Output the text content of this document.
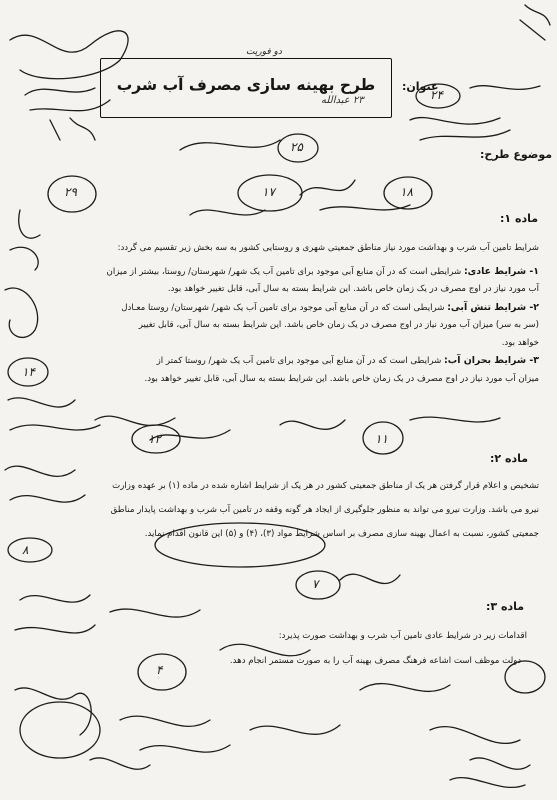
طرح بهینه سازی مصرف آب شرب
دو فوریت
۲۳ عبدالله
عنوان:
موضوع طرح:
ماده ۱:
شرایط تامین آب شرب و بهداشت مورد نیاز مناطق جمعیتی شهری و روستایی کشور به سه بخش زیر تقسیم می گردد:
۱- شرایط عادی: شرایطی است که در آن منابع آبی موجود برای تامین آب یک شهر/ شهرستان/ روستا، بیشتر از میزان
آب مورد نیاز در اوج مصرف در یک زمان خاص باشد. این شرایط بسته به سال آبی، قابل تغییر خواهد بود.
۲- شرایط تنش آبی: شرایطی است که در آن منابع آبی موجود برای تامین آب یک شهر/ شهرستان/ روستا معـادل
(سر به سر) میزان آب مورد نیاز در اوج مصرف در یک زمان خاص باشد. این شرایط بسته به سال آبی، قابل تغییر
خواهد بود.
۳- شرایط بحران آب: شرایطی است که در آن منابع آبی موجود برای تامین آب یک شهر/ روستا کمتر از
میزان آب مورد نیاز در اوج مصرف در یک زمان خاص باشد. این شرایط بسته به سال آبی، قابل تغییر خواهد بود.
ماده ۲:
تشخیص و اعلام قرار گرفتن هر یک از مناطق جمعیتی کشور در هر یک از شرایط اشاره شده در ماده (۱) بر عهده وزارت
نیرو می باشد. وزارت نیرو می تواند به منظور جلوگیری از ایجاد هر گونه وقفه در تامین آب شرب و بهداشت پایدار مناطق
جمعیتی کشور، نسبت به اعمال بهینه سازی مصرف بر اساس شرایط مواد (۳)، (۴) و (۵) این قانون اقدام نماید.
ماده ۳:
اقدامات زیر در شرایط عادی تامین آب شرب و بهداشت صورت پذیرد:
- دولت موظف است اشاعه فرهنگ مصرف بهینه آب را به صورت مستمر انجام دهد.
۲۴
۲۵
۲۹	۱۷	۱۸
۱۴
۱۱
۱۲
۷
۸
۴
